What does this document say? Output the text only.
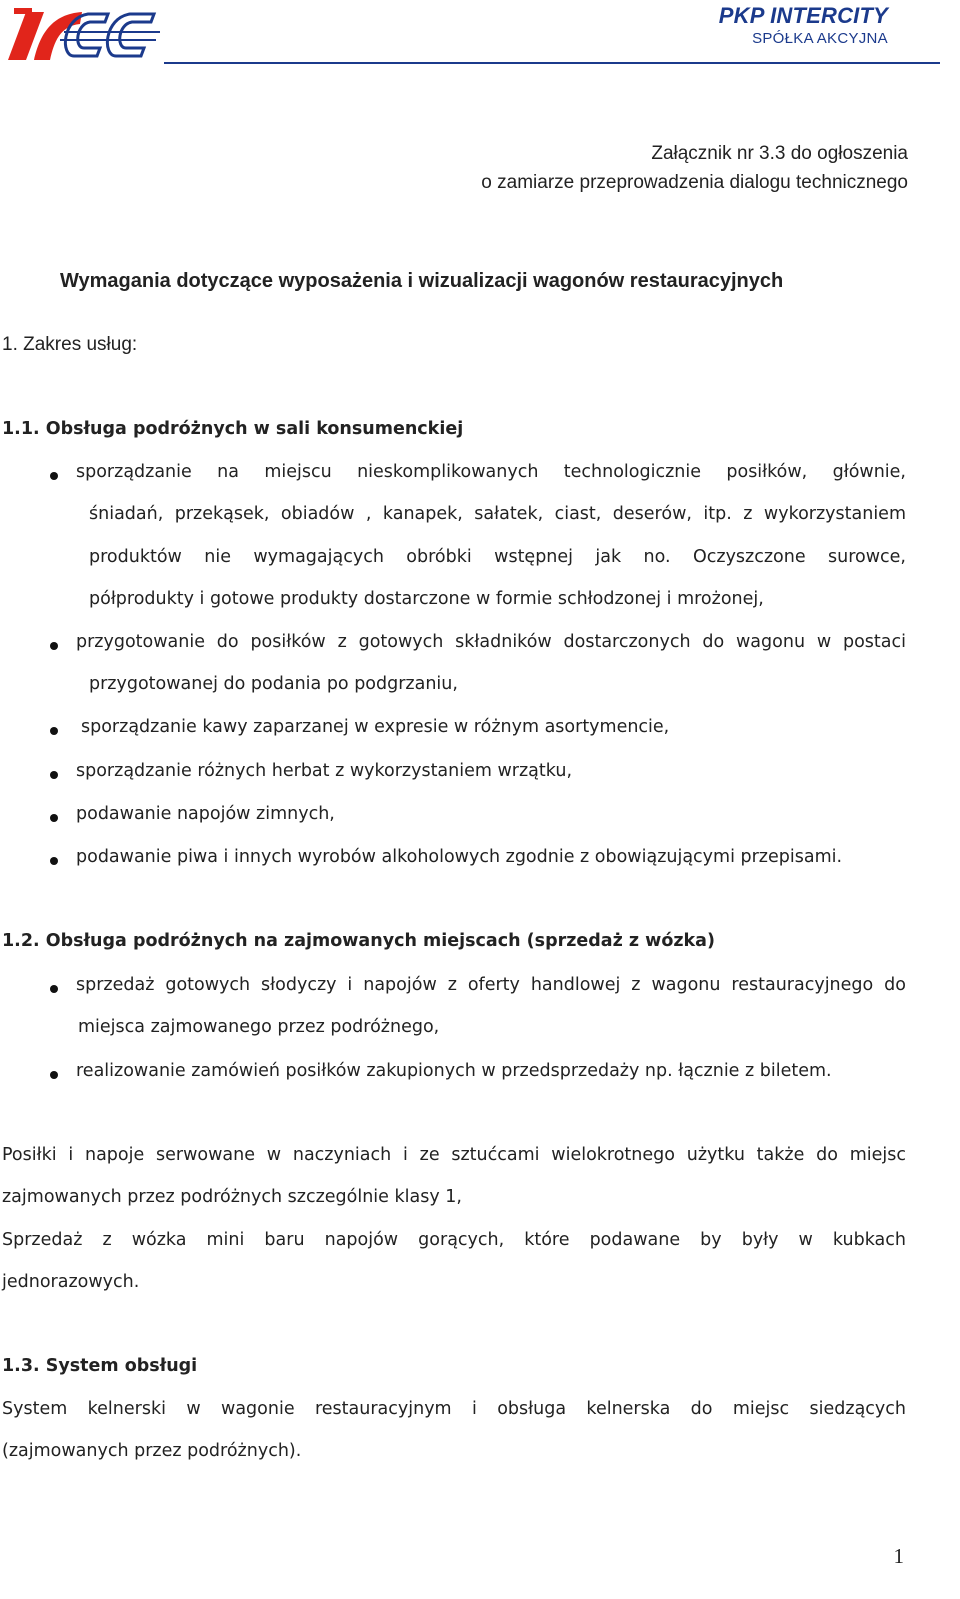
PKP INTERCITY
SPÓŁKA AKCYJNA
Załącznik nr 3.3 do ogłoszenia
o zamiarze przeprowadzenia dialogu technicznego
Wymagania dotyczące wyposażenia i wizualizacji wagonów restauracyjnych
1. Zakres usług:
1.1. Obsługa podróżnych w sali konsumenckiej
sporządzanie na miejscu nieskomplikowanych technologicznie posiłków, głównie,
śniadań, przekąsek, obiadów , kanapek, sałatek, ciast, deserów, itp. z wykorzystaniem
produktów nie wymagających obróbki wstępnej jak no. Oczyszczone surowce,
półprodukty i gotowe produkty dostarczone w formie schłodzonej i mrożonej,
przygotowanie do posiłków z gotowych składników dostarczonych do wagonu w postaci
przygotowanej do podania po podgrzaniu,
sporządzanie kawy zaparzanej w expresie w różnym asortymencie,
sporządzanie różnych herbat z wykorzystaniem wrzątku,
podawanie napojów zimnych,
podawanie piwa i innych wyrobów alkoholowych zgodnie z obowiązującymi przepisami.
1.2. Obsługa podróżnych na zajmowanych miejscach (sprzedaż z wózka)
sprzedaż gotowych słodyczy i napojów z oferty handlowej z wagonu restauracyjnego do
miejsca zajmowanego przez podróżnego,
realizowanie zamówień posiłków zakupionych w przedsprzedaży np. łącznie z biletem.
Posiłki i napoje serwowane w naczyniach i ze sztućcami wielokrotnego użytku także do miejsc
zajmowanych przez podróżnych szczególnie klasy 1,
Sprzedaż z wózka mini baru napojów gorących, które podawane by były w kubkach
jednorazowych.
1.3. System obsługi
System kelnerski w wagonie restauracyjnym i obsługa kelnerska do miejsc siedzących
(zajmowanych przez podróżnych).
1
